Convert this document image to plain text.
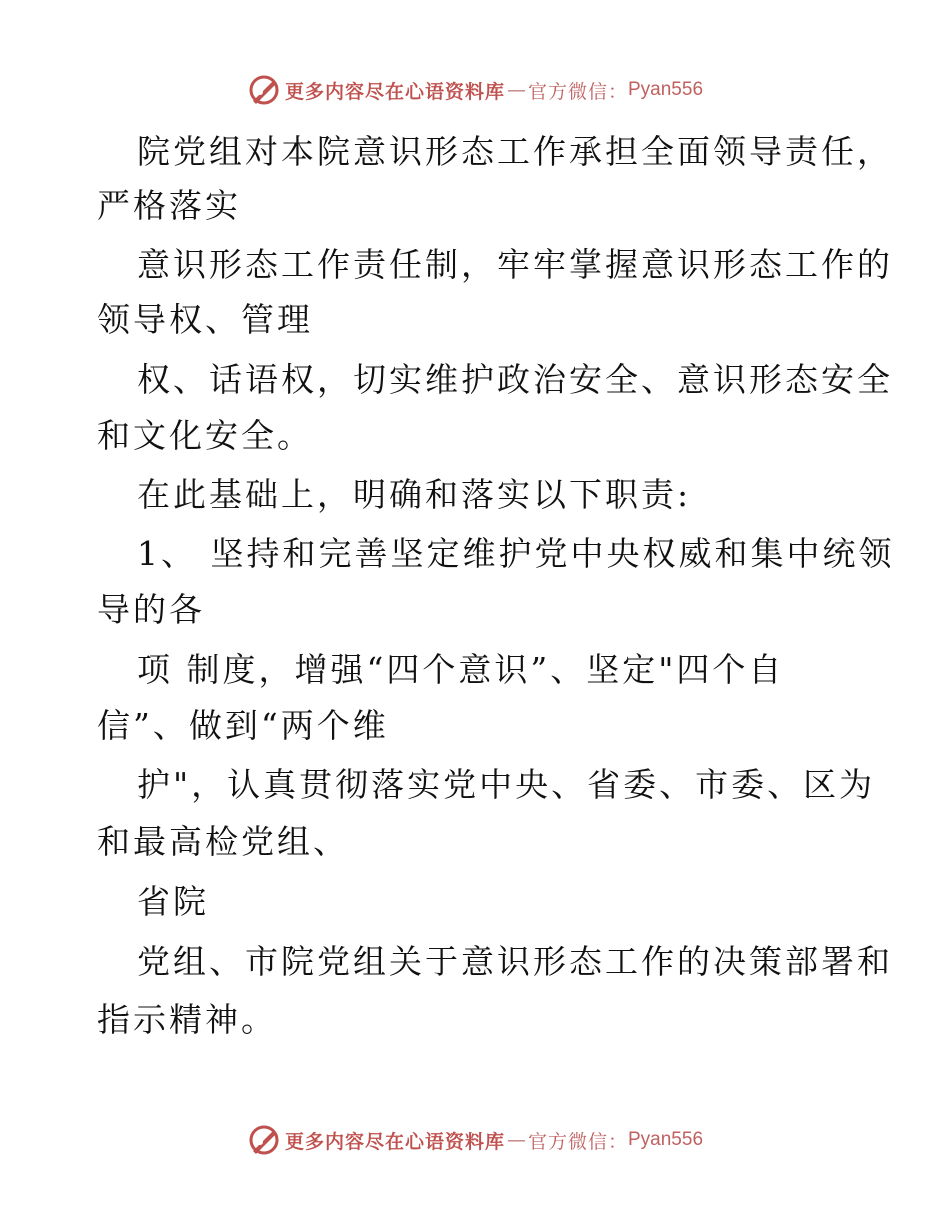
更多内容尽在心语资料库 — 官方微信： Pyan556
院党组对本院意识形态工作承担全面领导责任，
严格落实
意识形态工作责任制，牢牢掌握意识形态工作的
领导权、管理
权、话语权，切实维护政治安全、意识形态安全
和文化安全。
在此基础上，明确和落实以下职责:
1、 坚持和完善坚定维护党中央权威和集中统领
导的各
项 制度，增强“四个意识”、坚定"四个自
信”、做到“两个维
护"，认真贯彻落实党中央、省委、市委、区为
和最高检党组、
省院
党组、市院党组关于意识形态工作的决策部署和
指示精神。
更多内容尽在心语资料库 — 官方微信： Pyan556
